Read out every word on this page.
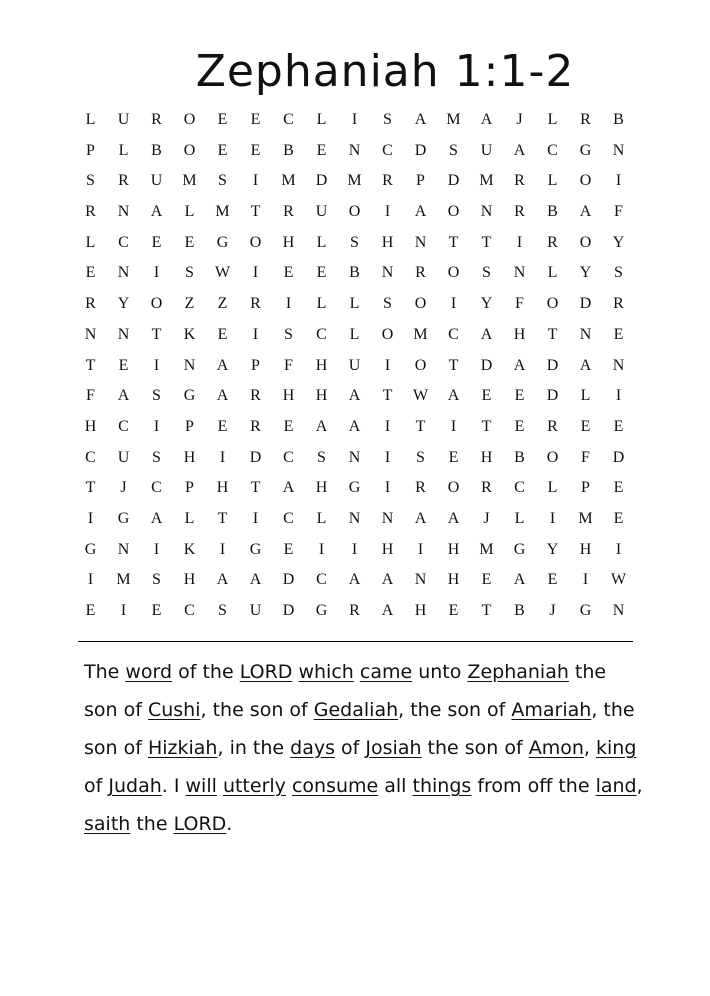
Zephaniah 1:1-2
L	U	R	O	E	E	C	L	I	S	A	M	A	J	L	R	B
P	L	B	O	E	E	B	E	N	C	D	S	U	A	C	G	N
S	R	U	M	S	I	M	D	M	R	P	D	M	R	L	O	I
R	N	A	L	M	T	R	U	O	I	A	O	N	R	B	A	F
L	C	E	E	G	O	H	L	S	H	N	T	T	I	R	O	Y
E	N	I	S	W	I	E	E	B	N	R	O	S	N	L	Y	S
R	Y	O	Z	Z	R	I	L	L	S	O	I	Y	F	O	D	R
N	N	T	K	E	I	S	C	L	O	M	C	A	H	T	N	E
T	E	I	N	A	P	F	H	U	I	O	T	D	A	D	A	N
F	A	S	G	A	R	H	H	A	T	W	A	E	E	D	L	I
H	C	I	P	E	R	E	A	A	I	T	I	T	E	R	E	E
C	U	S	H	I	D	C	S	N	I	S	E	H	B	O	F	D
T	J	C	P	H	T	A	H	G	I	R	O	R	C	L	P	E
I	G	A	L	T	I	C	L	N	N	A	A	J	L	I	M	E
G	N	I	K	I	G	E	I	I	H	I	H	M	G	Y	H	I
I	M	S	H	A	A	D	C	A	A	N	H	E	A	E	I	W
E	I	E	C	S	U	D	G	R	A	H	E	T	B	J	G	N

The word of the LORD which came unto Zephaniah the son of Cushi, the son of Gedaliah, the son of Amariah, the son of Hizkiah, in the days of Josiah the son of Amon, king of Judah. I will utterly consume all things from off the land, saith the LORD.
